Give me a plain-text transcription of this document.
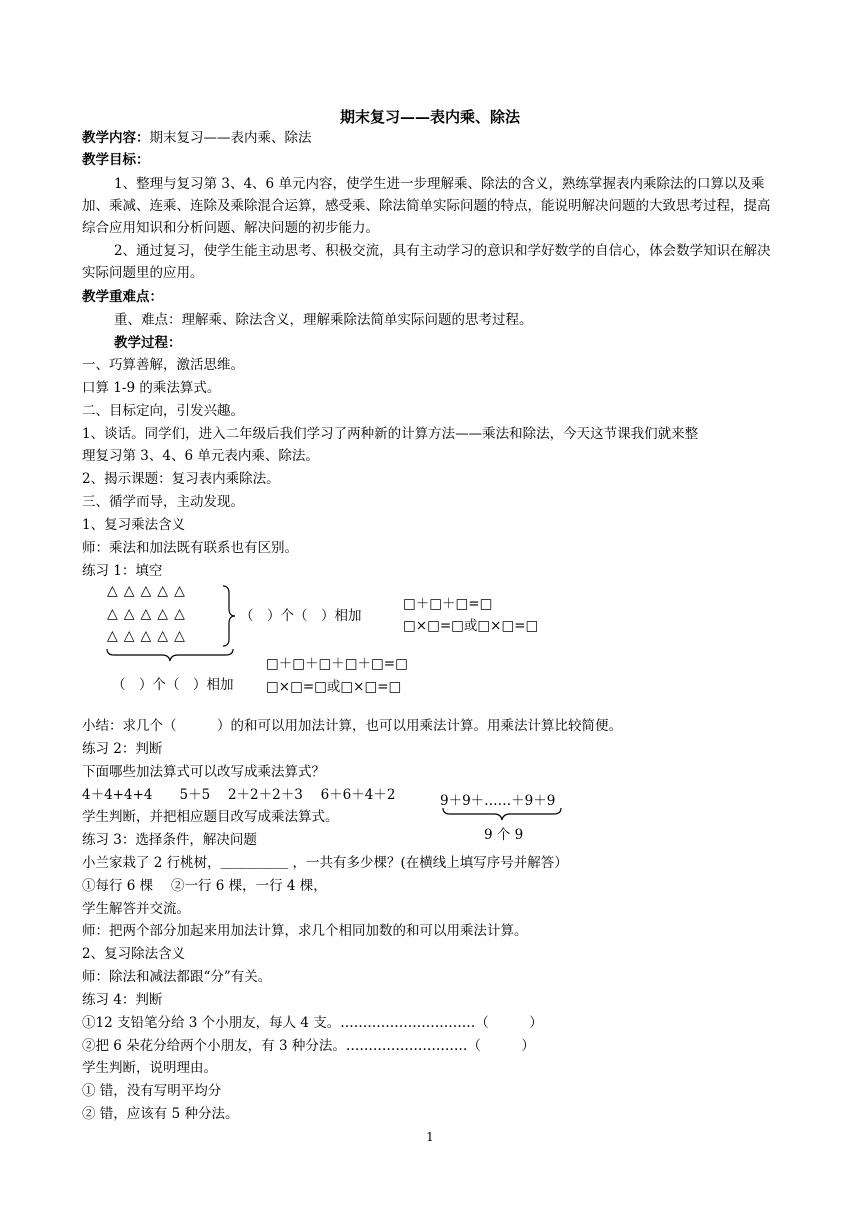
期末复习——表内乘、除法
教学内容：期末复习——表内乘、除法
教学目标：
1、整理与复习第 3、4、6 单元内容，使学生进一步理解乘、除法的含义，熟练掌握表内乘除法的口算以及乘加、乘减、连乘、连除及乘除混合运算，感受乘、除法简单实际问题的特点，能说明解决问题的大致思考过程，提高综合应用知识和分析问题、解决问题的初步能力。
2、通过复习，使学生能主动思考、积极交流，具有主动学习的意识和学好数学的自信心，体会数学知识在解决实际问题里的应用。
教学重难点：
重、难点：理解乘、除法含义，理解乘除法简单实际问题的思考过程。
教学过程：
一、巧算善解，激活思维。
口算 1-9 的乘法算式。
二、目标定向，引发兴趣。
1、谈话。同学们，进入二年级后我们学习了两种新的计算方法——乘法和除法，今天这节课我们就来整
理复习第 3、4、6 单元表内乘、除法。
2、揭示课题：复习表内乘除法。
三、循学而导，主动发现。
1、复习乘法含义
师：乘法和加法既有联系也有区别。
练习 1：填空
△△△△△
△△△△△
△△△△△
（　）个（　）相加
□＋□＋□=□
□×□=□或□×□=□
（　）个（　）相加
□＋□＋□＋□＋□=□
□×□=□或□×□=□
小结：求几个（　　　）的和可以用加法计算，也可以用乘法计算。用乘法计算比较简便。
练习 2：判断
下面哪些加法算式可以改写成乘法算式？
4＋4+4+4　　5＋5　 2＋2＋2＋3　 6＋6＋4＋2
学生判断，并把相应题目改写成乘法算式。
9＋9＋……＋9＋9
9 个 9
练习 3：选择条件，解决问题
小兰家栽了 2 行桃树，＿＿＿＿＿ ，一共有多少棵？(在横线上填写序号并解答）
①每行 6 棵　 ②一行 6 棵，一行 4 棵，
学生解答并交流。
师：把两个部分加起来用加法计算，求几个相同加数的和可以用乘法计算。
2、复习除法含义
师：除法和减法都跟“分”有关。
练习 4：判断
①12 支铅笔分给 3 个小朋友，每人 4 支。…………………………（　　　）
②把 6 朵花分给两个小朋友，有 3 种分法。………………………（　　　）
学生判断，说明理由。
① 错，没有写明平均分
② 错，应该有 5 种分法。
1
